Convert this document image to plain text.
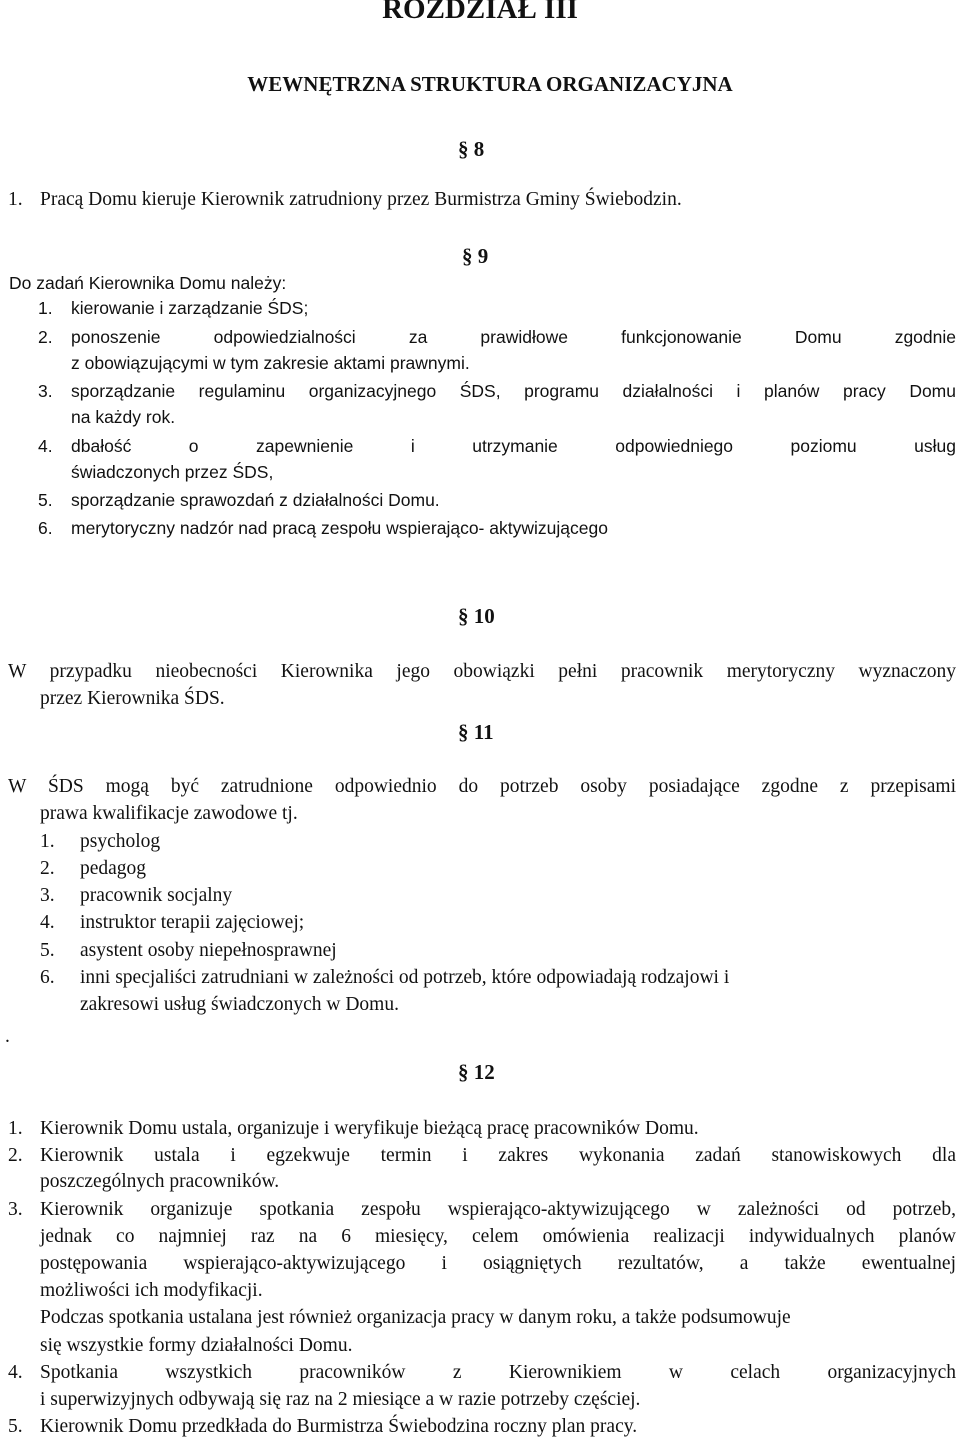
ROZDZIAŁ III
WEWNĘTRZNA STRUKTURA ORGANIZACYJNA
§ 8
1. Pracą Domu kieruje Kierownik zatrudniony przez Burmistrza Gminy Świebodzin.
§ 9
Do zadań Kierownika Domu należy:
1. kierowanie i zarządzanie ŚDS;
2. ponoszenie odpowiedzialności za prawidłowe funkcjonowanie Domu zgodnie
z obowiązującymi w tym zakresie aktami prawnymi.
3. sporządzanie regulaminu organizacyjnego ŚDS, programu działalności i planów pracy Domu
na każdy rok.
4. dbałość o zapewnienie i utrzymanie odpowiedniego poziomu usług
świadczonych przez ŚDS,
5. sporządzanie sprawozdań z działalności Domu.
6. merytoryczny nadzór nad pracą zespołu wspierająco- aktywizującego
§ 10
W przypadku nieobecności Kierownika jego obowiązki pełni pracownik merytoryczny wyznaczony
przez Kierownika ŚDS.
§ 11
W ŚDS mogą być zatrudnione odpowiednio do potrzeb osoby posiadające zgodne z przepisami
prawa kwalifikacje zawodowe tj.
1. psycholog
2. pedagog
3. pracownik socjalny
4. instruktor terapii zajęciowej;
5. asystent osoby niepełnosprawnej
6. inni specjaliści zatrudniani w zależności od potrzeb, które odpowiadają rodzajowi i
zakresowi usług świadczonych w Domu.
.
§ 12
1. Kierownik Domu ustala, organizuje i weryfikuje bieżącą pracę pracowników Domu.
2. Kierownik ustala i egzekwuje termin i zakres wykonania zadań stanowiskowych dla
poszczególnych pracowników.
3. Kierownik organizuje spotkania zespołu wspierająco-aktywizującego w zależności od potrzeb,
jednak co najmniej raz na 6 miesięcy, celem omówienia realizacji indywidualnych planów
postępowania wspierająco-aktywizującego i osiągniętych rezultatów, a także ewentualnej
możliwości ich modyfikacji.
Podczas spotkania ustalana jest również organizacja pracy w danym roku, a także podsumowuje
się wszystkie formy działalności Domu.
4. Spotkania wszystkich pracowników z Kierownikiem w celach organizacyjnych
i superwizyjnych odbywają się raz na 2 miesiące a w razie potrzeby częściej.
5. Kierownik Domu przedkłada do Burmistrza Świebodzina roczny plan pracy.
